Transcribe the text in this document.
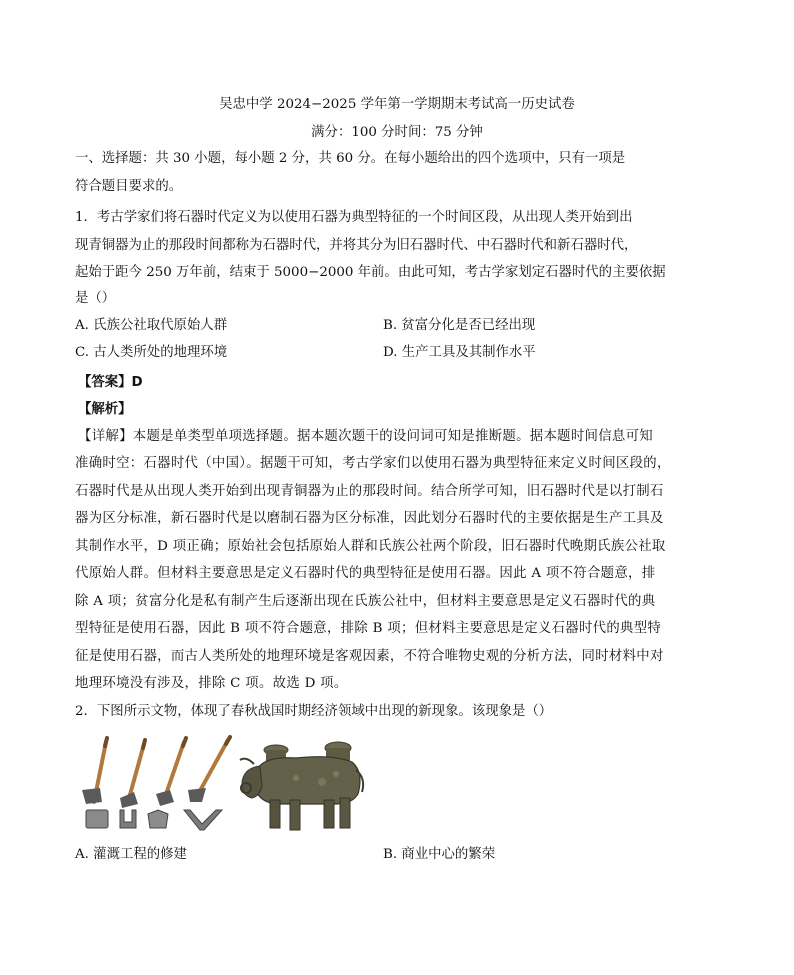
吴忠中学 2024−2025 学年第一学期期末考试高一历史试卷
满分：100 分时间：75 分钟
一、选择题：共 30 小题，每小题 2 分，共 60 分。在每小题给出的四个选项中，只有一项是
符合题目要求的。
1．考古学家们将石器时代定义为以使用石器为典型特征的一个时间区段，从出现人类开始到出
现青铜器为止的那段时间都称为石器时代，并将其分为旧石器时代、中石器时代和新石器时代，
起始于距今 250 万年前，结束于 5000−2000 年前。由此可知，考古学家划定石器时代的主要依据
是（）
A. 氏族公社取代原始人群	B. 贫富分化是否已经出现
C. 古人类所处的地理环境	D. 生产工具及其制作水平
【答案】D
【解析】
【详解】本题是单类型单项选择题。据本题次题干的设问词可知是推断题。据本题时间信息可知
准确时空：石器时代（中国）。据题干可知，考古学家们以使用石器为典型特征来定义时间区段的，
石器时代是从出现人类开始到出现青铜器为止的那段时间。结合所学可知，旧石器时代是以打制石
器为区分标准，新石器时代是以磨制石器为区分标准，因此划分石器时代的主要依据是生产工具及
其制作水平，D 项正确；原始社会包括原始人群和氏族公社两个阶段，旧石器时代晚期氏族公社取
代原始人群。但材料主要意思是定义石器时代的典型特征是使用石器。因此 A 项不符合题意，排
除 A 项；贫富分化是私有制产生后逐渐出现在氏族公社中，但材料主要意思是定义石器时代的典
型特征是使用石器，因此 B 项不符合题意，排除 B 项；但材料主要意思是定义石器时代的典型特
征是使用石器，而古人类所处的地理环境是客观因素，不符合唯物史观的分析方法，同时材料中对
地理环境没有涉及，排除 C 项。故选 D 项。
2．下图所示文物，体现了春秋战国时期经济领域中出现的新现象。该现象是（）
A. 灌溉工程的修建	B. 商业中心的繁荣
